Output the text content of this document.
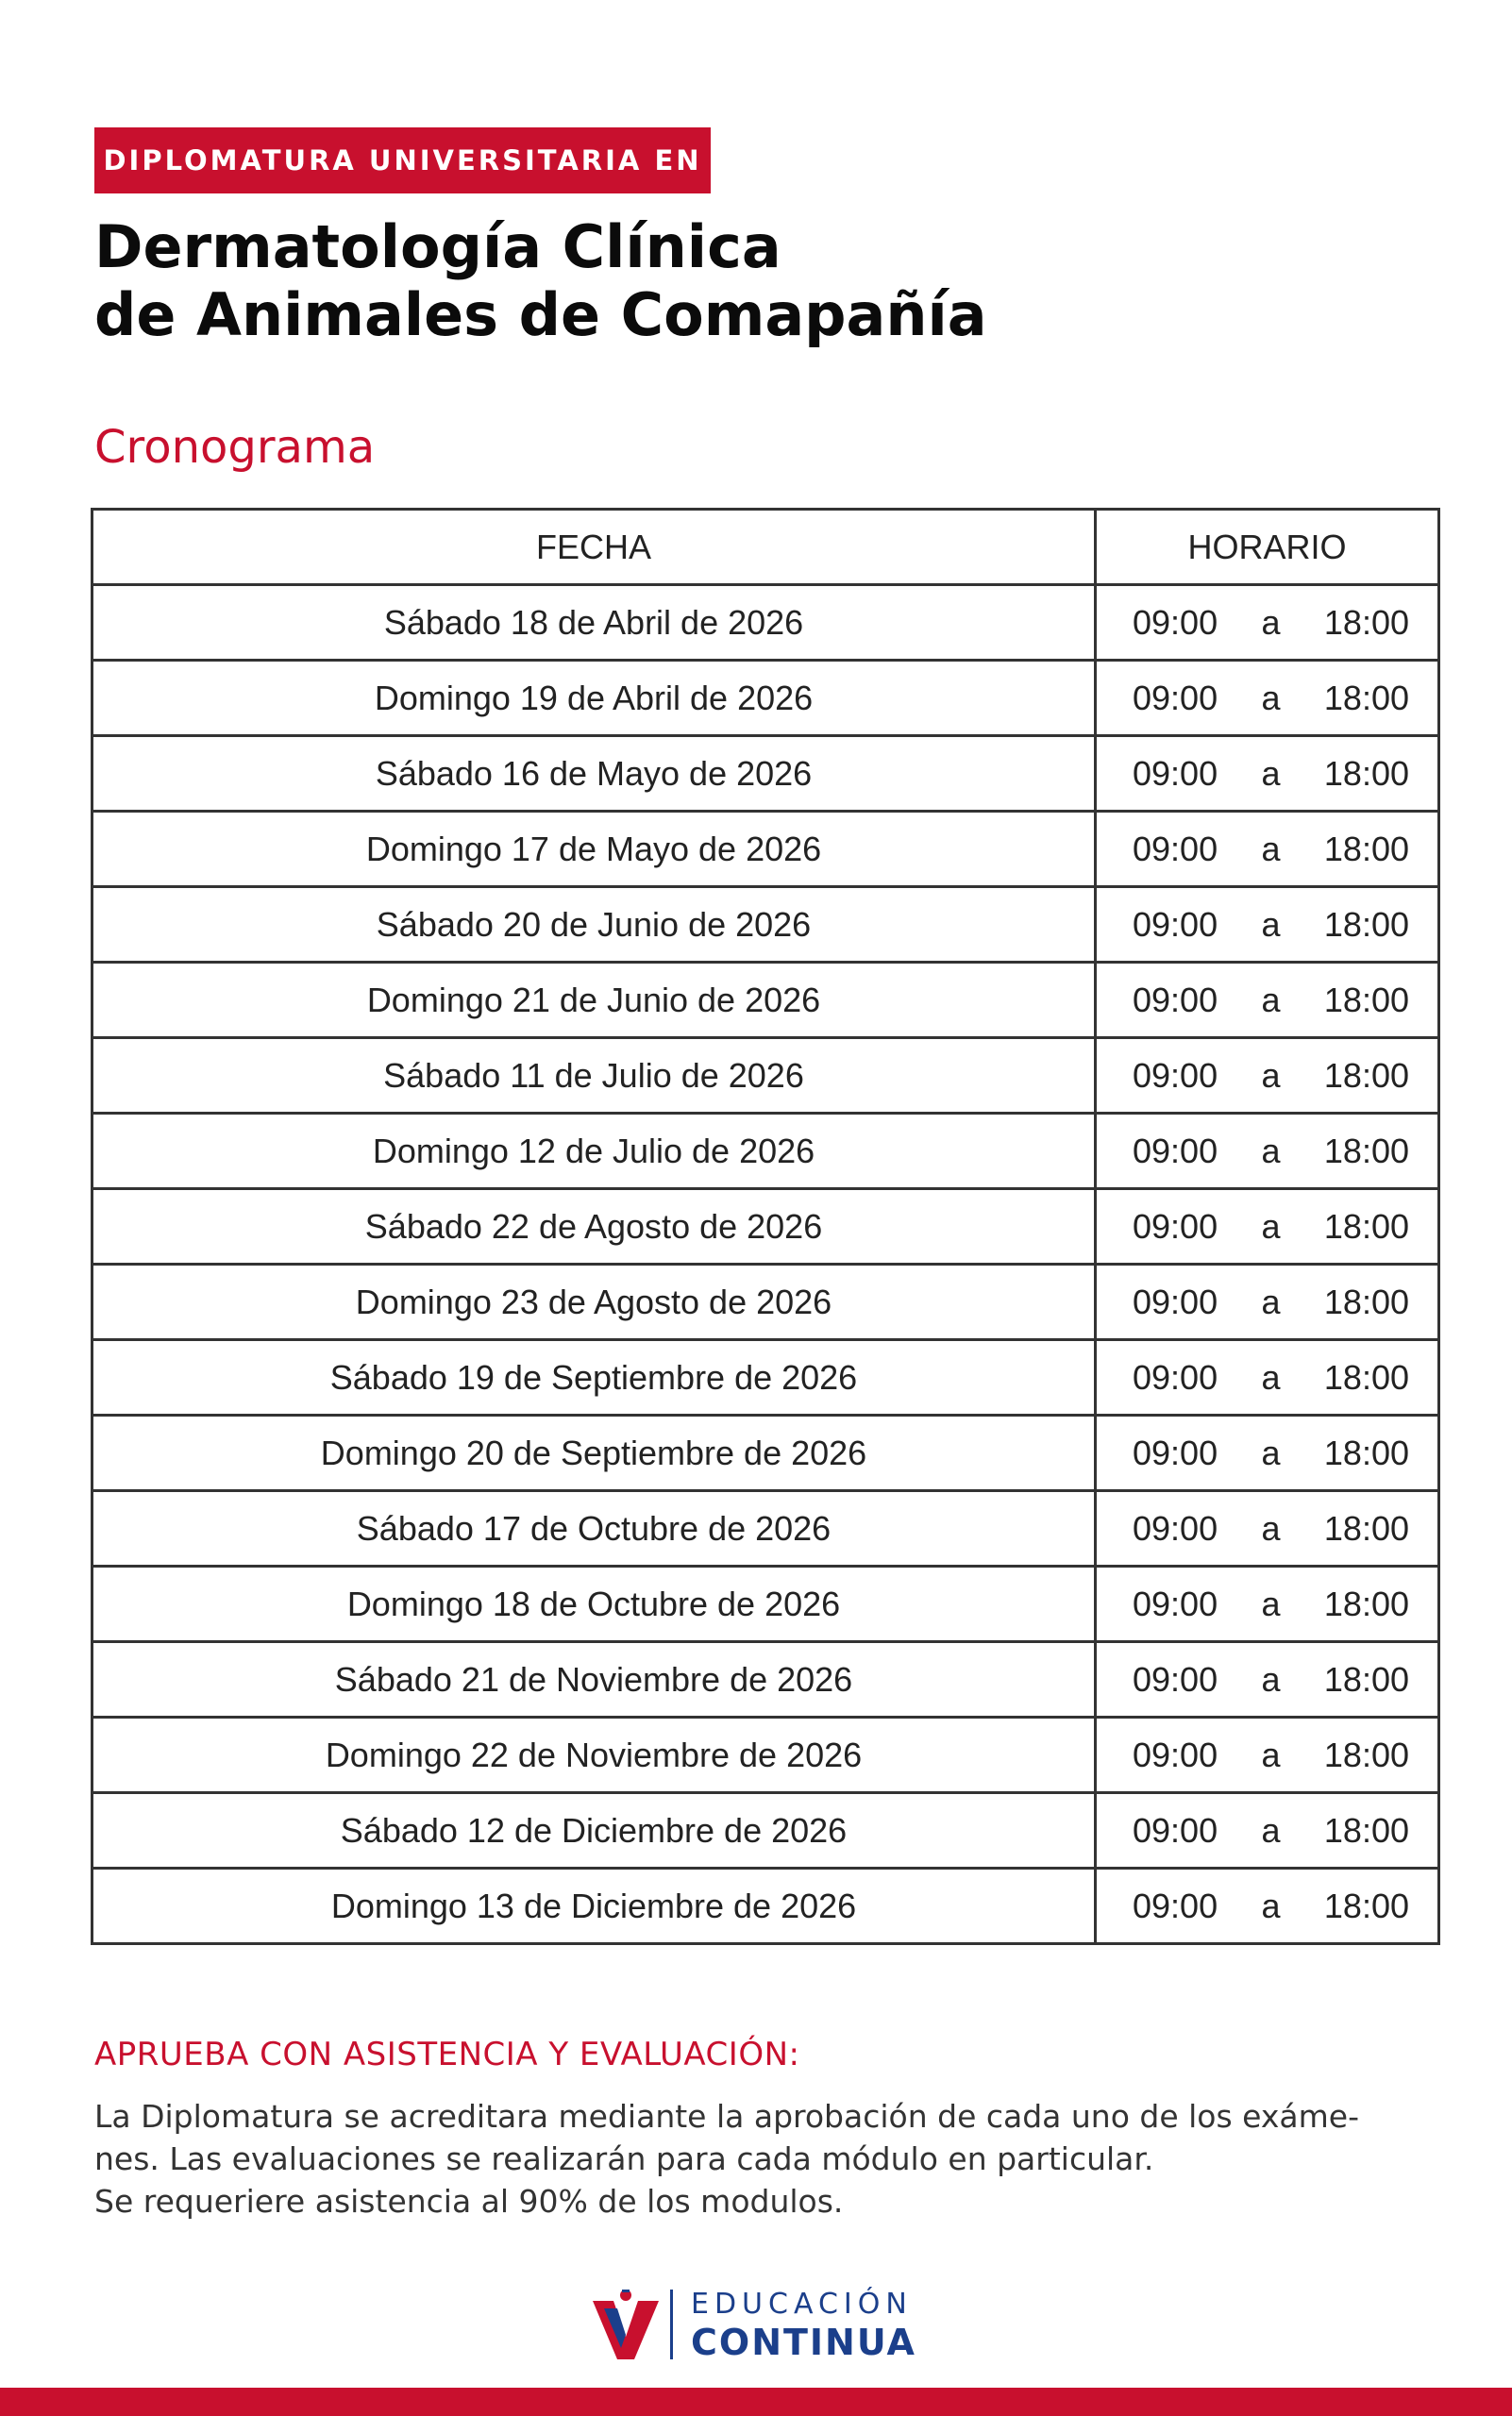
DIPLOMATURA UNIVERSITARIA EN
Dermatología Clínica
de Animales de Comapañía
Cronograma
FECHA	HORARIO
Sábado 18 de Abril de 2026	09:00 a 18:00

Domingo 19 de Abril de 2026	09:00 a 18:00

Sábado 16 de Mayo de 2026	09:00 a 18:00

Domingo 17 de Mayo de 2026	09:00 a 18:00

Sábado 20 de Junio de 2026	09:00 a 18:00

Domingo 21 de Junio de 2026	09:00 a 18:00

Sábado 11 de Julio de 2026	09:00 a 18:00

Domingo 12 de Julio de 2026	09:00 a 18:00

Sábado 22 de Agosto de 2026	09:00 a 18:00

Domingo 23 de Agosto de 2026	09:00 a 18:00

Sábado 19 de Septiembre de 2026	09:00 a 18:00

Domingo 20 de Septiembre de 2026	09:00 a 18:00

Sábado 17 de Octubre de 2026	09:00 a 18:00

Domingo 18 de Octubre de 2026	09:00 a 18:00

Sábado 21 de Noviembre de 2026	09:00 a 18:00

Domingo 22 de Noviembre de 2026	09:00 a 18:00

Sábado 12 de Diciembre de 2026	09:00 a 18:00

Domingo 13 de Diciembre de 2026	09:00 a 18:00
APRUEBA CON ASISTENCIA Y EVALUACIÓN:

La Diplomatura se acreditara mediante la aprobación de cada uno de los exáme-
nes. Las evaluaciones se realizarán para cada módulo en particular.
Se requeriere asistencia al 90% de los modulos.

EDUCACIÓN
CONTINUA
